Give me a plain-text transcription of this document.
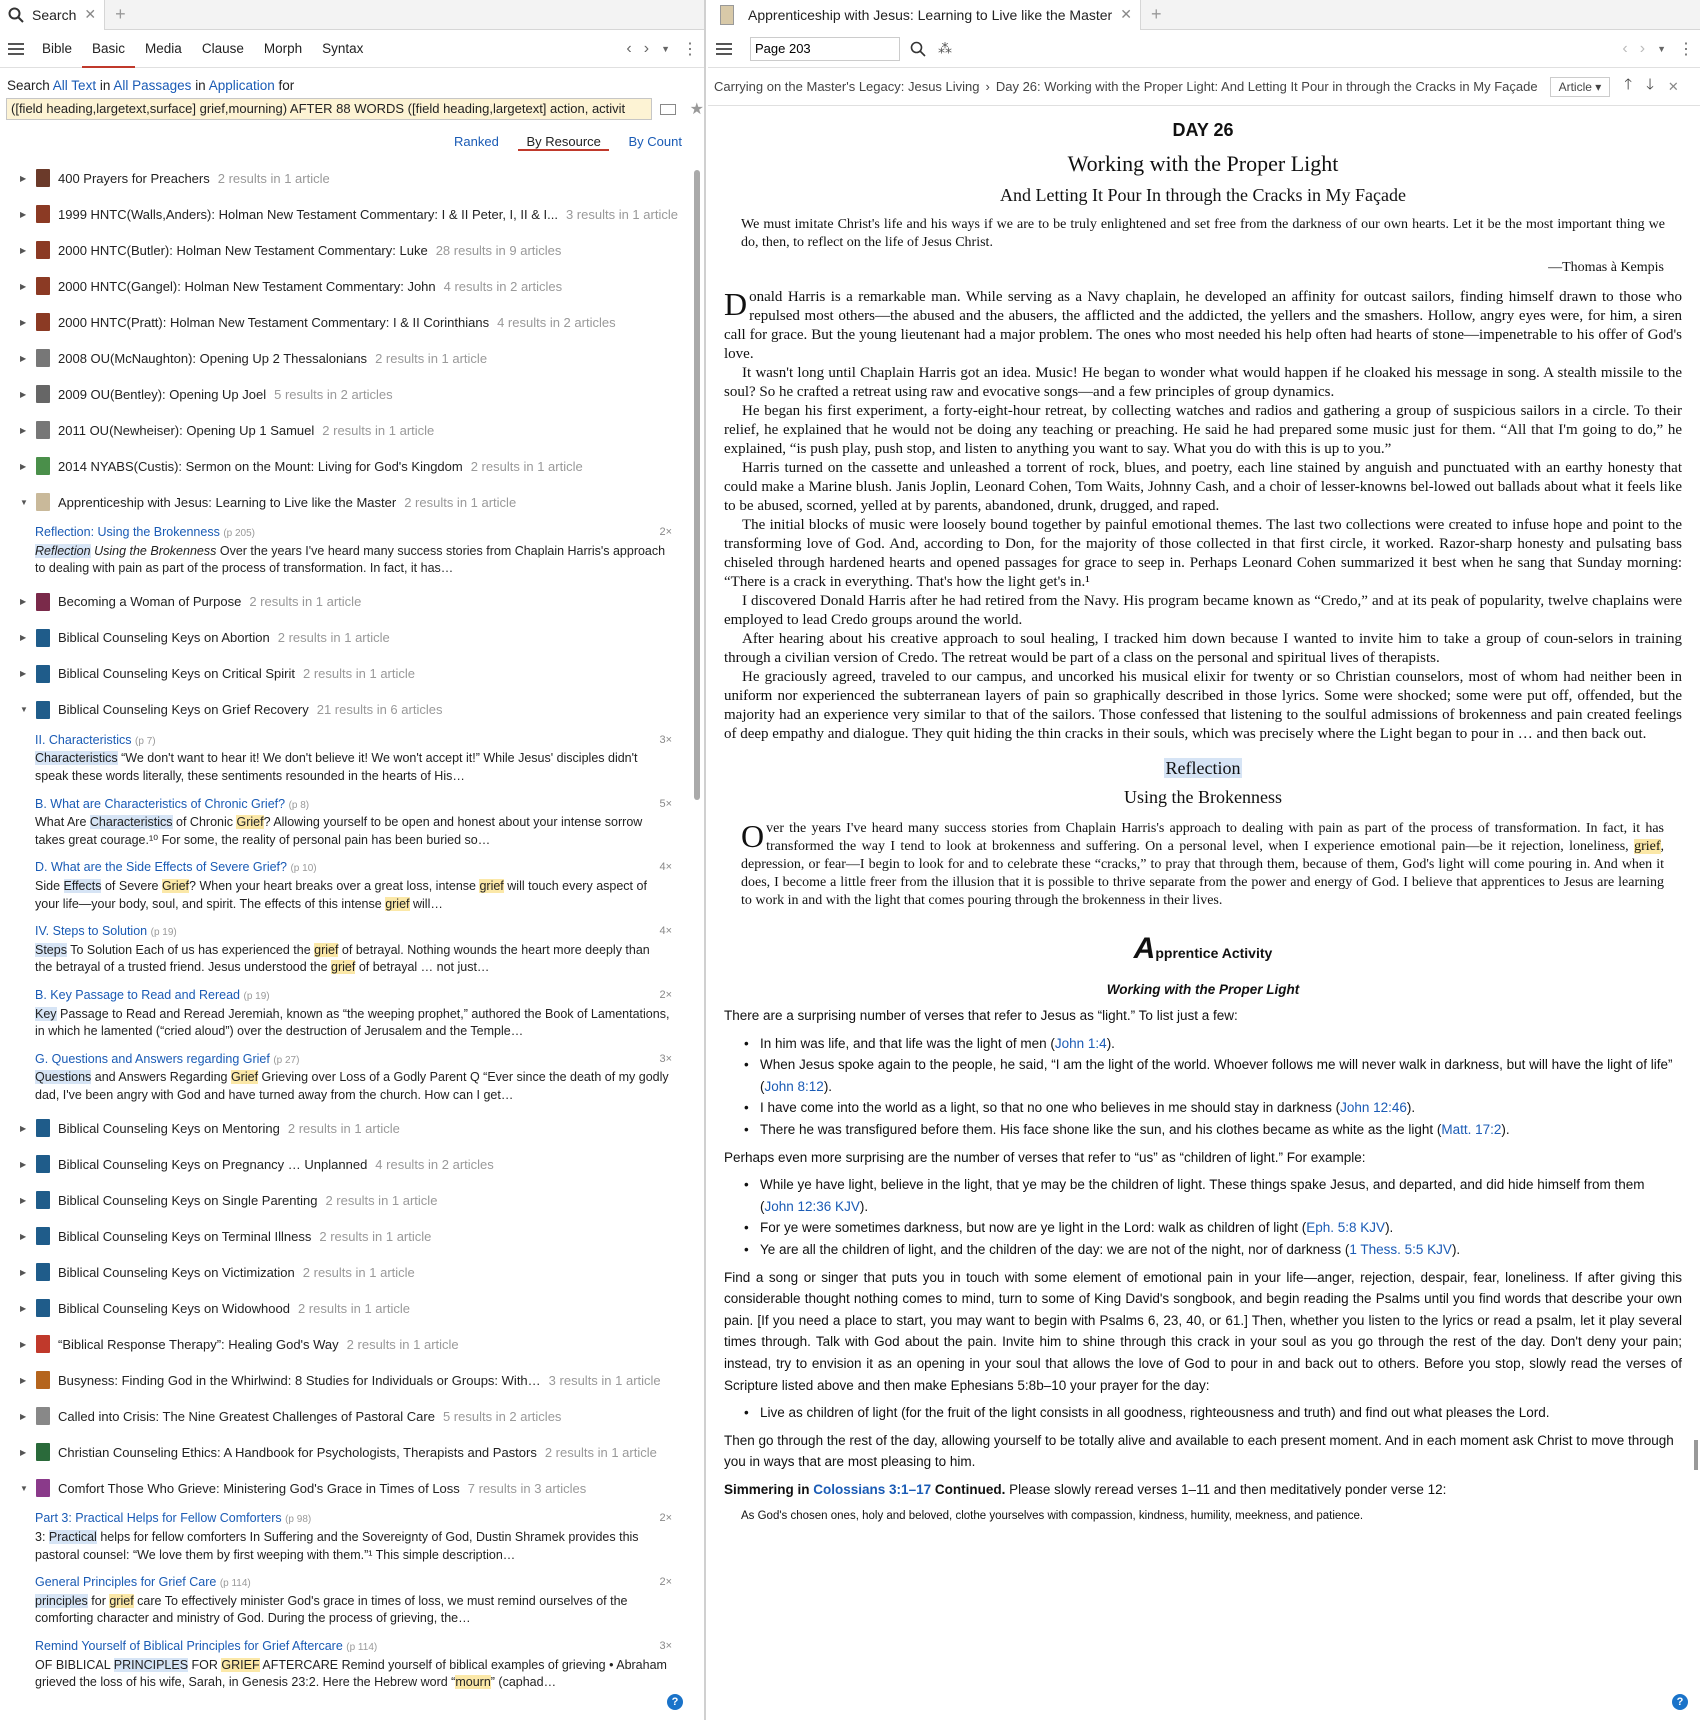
Search ✕	+
Bible	Basic	Media	Clause	Morph	Syntax	‹ › ▼ ⋮
Search All Text in All Passages in Application for
([field heading,largetext,surface] grief,mourning) AFTER 88 WORDS ([field heading,largetext] action, activit	★
Ranked By Resource By Count
▶	400 Prayers for Preachers 2 results in 1 article
▶	1999 HNTC(Walls,Anders): Holman New Testament Commentary: I & II Peter, I, II & I... 3 results in 1 article
▶	2000 HNTC(Butler): Holman New Testament Commentary: Luke 28 results in 9 articles
▶	2000 HNTC(Gangel): Holman New Testament Commentary: John 4 results in 2 articles
▶	2000 HNTC(Pratt): Holman New Testament Commentary: I & II Corinthians 4 results in 2 articles
▶	2008 OU(McNaughton): Opening Up 2 Thessalonians 2 results in 1 article
▶	2009 OU(Bentley): Opening Up Joel 5 results in 2 articles
▶	2011 OU(Newheiser): Opening Up 1 Samuel 2 results in 1 article
▶	2014 NYABS(Custis): Sermon on the Mount: Living for God's Kingdom 2 results in 1 article
▼	Apprenticeship with Jesus: Learning to Live like the Master 2 results in 1 article
Reflection: Using the Brokenness (p 205)	2×
Reflection Using the Brokenness Over the years I've heard many success stories from Chaplain Harris's approach to dealing with pain as part of the process of transformation. In fact, it has…
▶	Becoming a Woman of Purpose 2 results in 1 article
▶	Biblical Counseling Keys on Abortion 2 results in 1 article
▶	Biblical Counseling Keys on Critical Spirit 2 results in 1 article
▼	Biblical Counseling Keys on Grief Recovery 21 results in 6 articles
II. Characteristics (p 7)	3×
Characteristics “We don't want to hear it! We don't believe it! We won't accept it!” While Jesus' disciples didn't speak these words literally, these sentiments resounded in the hearts of His…
B. What are Characteristics of Chronic Grief? (p 8)	5×
What Are Characteristics of Chronic Grief? Allowing yourself to be open and honest about your intense sorrow takes great courage.¹⁰ For some, the reality of personal pain has been buried so…
D. What are the Side Effects of Severe Grief? (p 10)	4×
Side Effects of Severe Grief? When your heart breaks over a great loss, intense grief will touch every aspect of your life—your body, soul, and spirit. The effects of this intense grief will…
IV. Steps to Solution (p 19)	4×
Steps To Solution Each of us has experienced the grief of betrayal. Nothing wounds the heart more deeply than the betrayal of a trusted friend. Jesus understood the grief of betrayal … not just…
B. Key Passage to Read and Reread (p 19)	2×
Key Passage to Read and Reread Jeremiah, known as “the weeping prophet,” authored the Book of Lamentations, in which he lamented (“cried aloud”) over the destruction of Jerusalem and the Temple…
G. Questions and Answers regarding Grief (p 27)	3×
Questions and Answers Regarding Grief Grieving over Loss of a Godly Parent Q “Ever since the death of my godly dad, I've been angry with God and have turned away from the church. How can I get…
▶	Biblical Counseling Keys on Mentoring 2 results in 1 article
▶	Biblical Counseling Keys on Pregnancy … Unplanned 4 results in 2 articles
▶	Biblical Counseling Keys on Single Parenting 2 results in 1 article
▶	Biblical Counseling Keys on Terminal Illness 2 results in 1 article
▶	Biblical Counseling Keys on Victimization 2 results in 1 article
▶	Biblical Counseling Keys on Widowhood 2 results in 1 article
▶	“Biblical Response Therapy”: Healing God's Way 2 results in 1 article
▶	Busyness: Finding God in the Whirlwind: 8 Studies for Individuals or Groups: With… 3 results in 1 article
▶	Called into Crisis: The Nine Greatest Challenges of Pastoral Care 5 results in 2 articles
▶	Christian Counseling Ethics: A Handbook for Psychologists, Therapists and Pastors 2 results in 1 article
▼	Comfort Those Who Grieve: Ministering God's Grace in Times of Loss 7 results in 3 articles
Part 3: Practical Helps for Fellow Comforters (p 98)	2×
3: Practical helps for fellow comforters In Suffering and the Sovereignty of God, Dustin Shramek provides this pastoral counsel: “We love them by first weeping with them.”¹ This simple description…
General Principles for Grief Care (p 114)	2×
principles for grief care To effectively minister God's grace in times of loss, we must remind ourselves of the comforting character and ministry of God. During the process of grieving, the…
Remind Yourself of Biblical Principles for Grief Aftercare (p 114)	3×
OF BIBLICAL PRINCIPLES FOR GRIEF AFTERCARE Remind yourself of biblical examples of grieving • Abraham grieved the loss of his wife, Sarah, in Genesis 23:2. Here the Hebrew word “mourn” (caphad…
?
Apprenticeship with Jesus: Learning to Live like the Master ✕	+
Page 203
⁂	‹ › ▼ ⋮
Carrying on the Master's Legacy: Jesus Living › Day 26: Working with the Proper Light: And Letting It Pour in through the Cracks in My Façade	Article ▾	🡑 🡓 ✕
DAY 26
Working with the Proper Light
And Letting It Pour In through the Cracks in My Façade

We must imitate Christ's life and his ways if we are to be truly enlightened and set free from the darkness of our own hearts. Let it be the most important thing we do, then, to reflect on the life of Jesus Christ.

—Thomas à Kempis

Donald Harris is a remarkable man. While serving as a Navy chaplain, he developed an affinity for outcast sailors, finding himself drawn to those who repulsed most others—the abused and the abusers, the afflicted and the addicted, the yellers and the smashers. Hollow, angry eyes were, for him, a siren call for grace. But the young lieutenant had a major problem. The ones who most needed his help often had hearts of stone—impenetrable to his offer of God's love.

It wasn't long until Chaplain Harris got an idea. Music! He began to wonder what would happen if he cloaked his message in song. A stealth missile to the soul? So he crafted a retreat using raw and evocative songs—and a few principles of group dynamics.

He began his first experiment, a forty-eight-hour retreat, by collecting watches and radios and gathering a group of suspicious sailors in a circle. To their relief, he explained that he would not be doing any teaching or preaching. He said he had prepared some music just for them. “All that I'm going to do,” he explained, “is push play, push stop, and listen to anything you want to say. What you do with this is up to you.”

Harris turned on the cassette and unleashed a torrent of rock, blues, and poetry, each line stained by anguish and punctuated with an earthy honesty that could make a Marine blush. Janis Joplin, Leonard Cohen, Tom Waits, Johnny Cash, and a choir of lesser-knowns bel-lowed out ballads about what it feels like to be abused, scorned, yelled at by parents, abandoned, drunk, drugged, and raped.

The initial blocks of music were loosely bound together by painful emotional themes. The last two collections were created to infuse hope and point to the transforming love of God. And, according to Don, for the majority of those collected in that first circle, it worked. Razor-sharp honesty and pulsating bass chiseled through hardened hearts and opened passages for grace to seep in. Perhaps Leonard Cohen summarized it best when he sang that Sunday morning: “There is a crack in everything. That's how the light get's in.¹

I discovered Donald Harris after he had retired from the Navy. His program became known as “Credo,” and at its peak of popularity, twelve chaplains were employed to lead Credo groups around the world.

After hearing about his creative approach to soul healing, I tracked him down because I wanted to invite him to take a group of coun-selors in training through a civilian version of Credo. The retreat would be part of a class on the personal and spiritual lives of therapists.

He graciously agreed, traveled to our campus, and uncorked his musical elixir for twenty or so Christian counselors, most of whom had neither been in uniform nor experienced the subterranean layers of pain so graphically described in those lyrics. Some were shocked; some were put off, offended, but the majority had an experience very similar to that of the sailors. Those confessed that listening to the soulful admissions of brokenness and pain created feelings of deep empathy and dialogue. They quit hiding the thin cracks in their souls, which was precisely where the Light began to pour in … and then back out.

Reflection
Using the Brokenness

Over the years I've heard many success stories from Chaplain Harris's approach to dealing with pain as part of the process of transformation. In fact, it has transformed the way I tend to look at brokenness and suffering. On a personal level, when I experience emotional pain—be it rejection, loneliness, grief, depression, or fear—I begin to look for and to celebrate these “cracks,” to pray that through them, because of them, God's light will come pouring in. And when it does, I become a little freer from the illusion that it is possible to thrive separate from the power and energy of God. I believe that apprentices to Jesus are learning to work in and with the light that comes pouring through the brokenness in their lives.

Apprentice Activity
Working with the Proper Light
There are a surprising number of verses that refer to Jesus as “light.” To list just a few:
• In him was life, and that life was the light of men (John 1:4).
• When Jesus spoke again to the people, he said, “I am the light of the world. Whoever follows me will never walk in darkness, but will have the light of life” (John 8:12).
• I have come into the world as a light, so that no one who believes in me should stay in darkness (John 12:46).
• There he was transfigured before them. His face shone like the sun, and his clothes became as white as the light (Matt. 17:2).
Perhaps even more surprising are the number of verses that refer to “us” as “children of light.” For example:
• While ye have light, believe in the light, that ye may be the children of light. These things spake Jesus, and departed, and did hide himself from them (John 12:36 KJV).
• For ye were sometimes darkness, but now are ye light in the Lord: walk as children of light (Eph. 5:8 KJV).
• Ye are all the children of light, and the children of the day: we are not of the night, nor of darkness (1 Thess. 5:5 KJV).
Find a song or singer that puts you in touch with some element of emotional pain in your life—anger, rejection, despair, fear, loneliness. If after giving this considerable thought nothing comes to mind, turn to some of King David's songbook, and begin reading the Psalms until you find words that describe your own pain. [If you need a place to start, you may want to begin with Psalms 6, 23, 40, or 61.] Then, whether you listen to the lyrics or read a psalm, let it play several times through. Talk with God about the pain. Invite him to shine through this crack in your soul as you go through the rest of the day. Don't deny your pain; instead, try to envision it as an opening in your soul that allows the love of God to pour in and back out to others. Before you stop, slowly read the verses of Scripture listed above and then make Ephesians 5:8b–10 your prayer for the day:
• Live as children of light (for the fruit of the light consists in all goodness, righteousness and truth) and find out what pleases the Lord.
Then go through the rest of the day, allowing yourself to be totally alive and available to each present moment. And in each moment ask Christ to move through you in ways that are most pleasing to him.
Simmering in Colossians 3:1–17 Continued. Please slowly reread verses 1–11 and then meditatively ponder verse 12:
As God's chosen ones, holy and beloved, clothe yourselves with compassion, kindness, humility, meekness, and patience.
?
